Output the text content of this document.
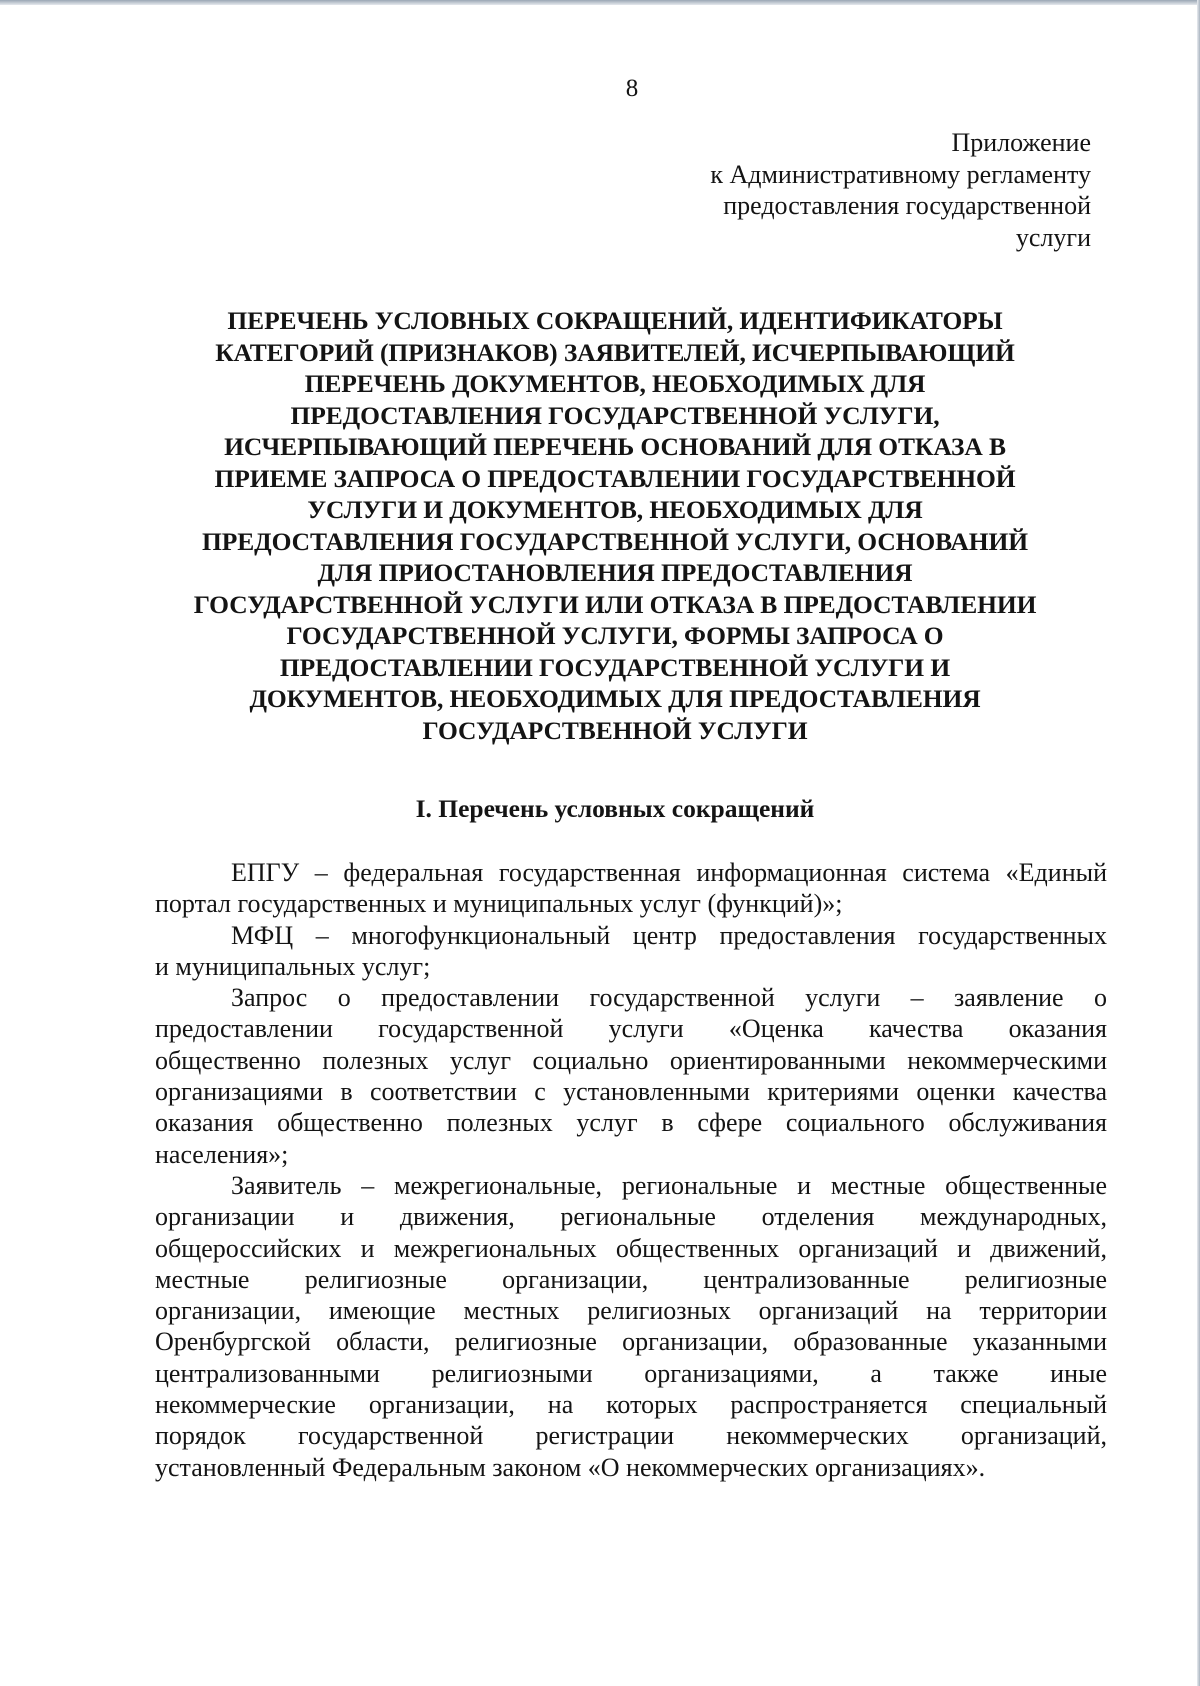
8
Приложение
к Административному регламенту
предоставления государственной
услуги
ПЕРЕЧЕНЬ УСЛОВНЫХ СОКРАЩЕНИЙ, ИДЕНТИФИКАТОРЫ
КАТЕГОРИЙ (ПРИЗНАКОВ) ЗАЯВИТЕЛЕЙ, ИСЧЕРПЫВАЮЩИЙ
ПЕРЕЧЕНЬ ДОКУМЕНТОВ, НЕОБХОДИМЫХ ДЛЯ
ПРЕДОСТАВЛЕНИЯ ГОСУДАРСТВЕННОЙ УСЛУГИ,
ИСЧЕРПЫВАЮЩИЙ ПЕРЕЧЕНЬ ОСНОВАНИЙ ДЛЯ ОТКАЗА В
ПРИЕМЕ ЗАПРОСА О ПРЕДОСТАВЛЕНИИ ГОСУДАРСТВЕННОЙ
УСЛУГИ И ДОКУМЕНТОВ, НЕОБХОДИМЫХ ДЛЯ
ПРЕДОСТАВЛЕНИЯ ГОСУДАРСТВЕННОЙ УСЛУГИ, ОСНОВАНИЙ
ДЛЯ ПРИОСТАНОВЛЕНИЯ ПРЕДОСТАВЛЕНИЯ
ГОСУДАРСТВЕННОЙ УСЛУГИ ИЛИ ОТКАЗА В ПРЕДОСТАВЛЕНИИ
ГОСУДАРСТВЕННОЙ УСЛУГИ, ФОРМЫ ЗАПРОСА О
ПРЕДОСТАВЛЕНИИ ГОСУДАРСТВЕННОЙ УСЛУГИ И
ДОКУМЕНТОВ, НЕОБХОДИМЫХ ДЛЯ ПРЕДОСТАВЛЕНИЯ
ГОСУДАРСТВЕННОЙ УСЛУГИ
I. Перечень условных сокращений
ЕПГУ – федеральная государственная информационная система «Единый
портал государственных и муниципальных услуг (функций)»;
МФЦ – многофункциональный центр предоставления государственных
и муниципальных услуг;
Запрос о предоставлении государственной услуги – заявление о
предоставлении государственной услуги «Оценка качества оказания
общественно полезных услуг социально ориентированными некоммерческими
организациями в соответствии с установленными критериями оценки качества
оказания общественно полезных услуг в сфере социального обслуживания
населения»;
Заявитель – межрегиональные, региональные и местные общественные
организации и движения, региональные отделения международных,
общероссийских и межрегиональных общественных организаций и движений,
местные религиозные организации, централизованные религиозные
организации, имеющие местных религиозных организаций на территории
Оренбургской области, религиозные организации, образованные указанными
централизованными религиозными организациями, а также иные
некоммерческие организации, на которых распространяется специальный
порядок государственной регистрации некоммерческих организаций,
установленный Федеральным законом «О некоммерческих организациях».
